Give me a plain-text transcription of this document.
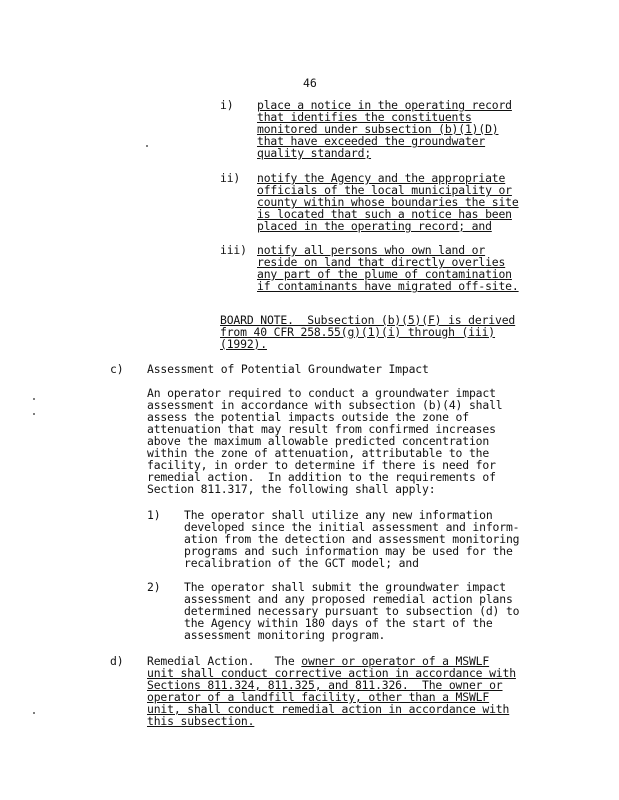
46
i) place a notice in the operating record
that identifies the constituents
monitored under subsection (b)(1)(D)
that have exceeded the groundwater
quality standard;
ii) notify the Agency and the appropriate
officials of the local municipality or
county within whose boundaries the site
is located that such a notice has been
placed in the operating record; and
iii) notify all persons who own land or
reside on land that directly overlies
any part of the plume of contamination
if contaminants have migrated off-site.
BOARD NOTE.  Subsection (b)(5)(F) is derived
from 40 CFR 258.55(g)(1)(i) through (iii)
(1992).
c) Assessment of Potential Groundwater Impact
An operator required to conduct a groundwater impact
assessment in accordance with subsection (b)(4) shall
assess the potential impacts outside the zone of
attenuation that may result from confirmed increases
above the maximum allowable predicted concentration
within the zone of attenuation, attributable to the
facility, in order to determine if there is need for
remedial action.  In addition to the requirements of
Section 811.317, the following shall apply:
1) The operator shall utilize any new information
developed since the initial assessment and inform-
ation from the detection and assessment monitoring
programs and such information may be used for the
recalibration of the GCT model; and
2) The operator shall submit the groundwater impact
assessment and any proposed remedial action plans
determined necessary pursuant to subsection (d) to
the Agency within 180 days of the start of the
assessment monitoring program.
d) Remedial Action.   The owner or operator of a MSWLF
unit shall conduct corrective action in accordance with
Sections 811.324, 811.325, and 811.326.  The owner or
operator of a landfill facility, other than a MSWLF
unit, shall conduct remedial action in accordance with
this subsection.
